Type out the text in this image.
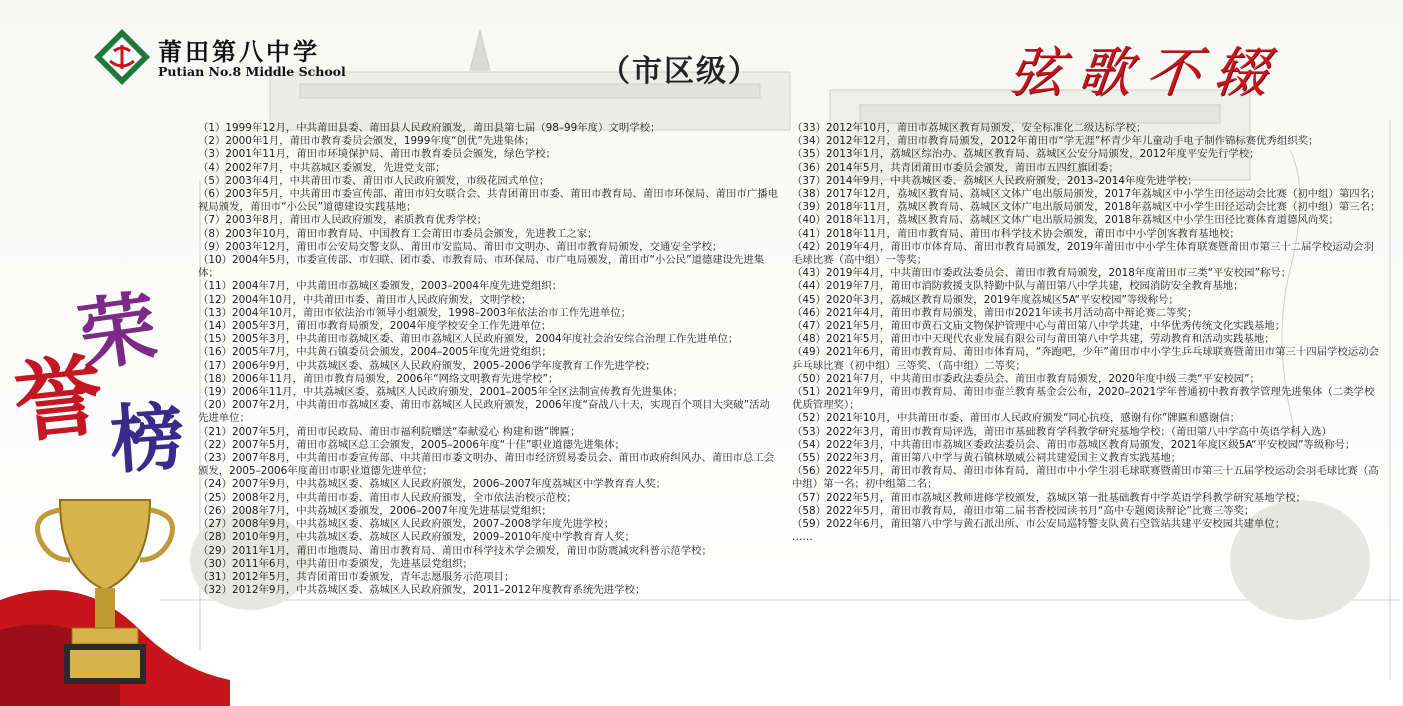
莆田第八中学
Putian No.8 Middle School	（市区级）	弦歌不辍
荣
誉 榜
（1）1999年12月，中共莆田县委、莆田县人民政府颁发，莆田县第七届（98–99年度）文明学校；
（2）2000年1月，莆田市教育委员会颁发，1999年度“创优”先进集体；
（3）2001年11月，莆田市环境保护局、莆田市教育委员会颁发，绿色学校；
（4）2002年7月，中共荔城区委颁发，先进党支部；
（5）2003年4月，中共莆田市委、莆田市人民政府颁发，市级花园式单位；
（6）2003年5月，中共莆田市委宣传部、莆田市妇女联合会、共青团莆田市委、莆田市教育局、莆田市环保局、莆田市广播电视局颁发，莆田市“小公民”道德建设实践基地；
（7）2003年8月，莆田市人民政府颁发，素质教育优秀学校；
（8）2003年10月，莆田市教育局、中国教育工会莆田市委员会颁发，先进教工之家；
（9）2003年12月，莆田市公安局交警支队、莆田市安监局、莆田市文明办、莆田市教育局颁发，交通安全学校；
（10）2004年5月，市委宣传部、市妇联、团市委、市教育局、市环保局、市广电局颁发，莆田市“小公民”道德建设先进集体；
（11）2004年7月，中共莆田市荔城区委颁发，2003–2004年度先进党组织；
（12）2004年10月，中共莆田市委、莆田市人民政府颁发，文明学校；
（13）2004年10月，莆田市依法治市领导小组颁发，1998–2003年依法治市工作先进单位；
（14）2005年3月，莆田市教育局颁发，2004年度学校安全工作先进单位；
（15）2005年3月，中共莆田市荔城区委、莆田市荔城区人民政府颁发，2004年度社会治安综合治理工作先进单位；
（16）2005年7月，中共黄石镇委员会颁发，2004–2005年度先进党组织；
（17）2006年9月，中共荔城区委、荔城区人民政府颁发，2005–2006学年度教育工作先进学校；
（18）2006年11月，莆田市教育局颁发，2006年“网络文明教育先进学校”；
（19）2006年11月，中共荔城区委、荔城区人民政府颁发，2001–2005年全区法制宣传教育先进集体；
（20）2007年2月，中共莆田市荔城区委、莆田市荔城区人民政府颁发，2006年度“奋战八十天，实现百个项目大突破”活动先进单位；
（21）2007年5月，莆田市民政局、莆田市福利院赠送“奉献爱心 构建和谐”牌匾；
（22）2007年5月，莆田市荔城区总工会颁发，2005–2006年度“十佳”职业道德先进集体；
（23）2007年8月，中共莆田市委宣传部、中共莆田市委文明办、莆田市经济贸易委员会、莆田市政府纠风办、莆田市总工会颁发，2005–2006年度莆田市职业道德先进单位；
（24）2007年9月，中共荔城区委、荔城区人民政府颁发，2006–2007年度荔城区中学教育育人奖；
（25）2008年2月，中共莆田市委、莆田市人民政府颁发，全市依法治校示范校；
（26）2008年7月，中共荔城区委颁发，2006–2007年度先进基层党组织；
（27）2008年9月，中共荔城区委、荔城区人民政府颁发，2007–2008学年度先进学校；
（28）2010年9月，中共荔城区委、荔城区人民政府颁发，2009–2010年度中学教育育人奖；
（29）2011年1月，莆田市地震局、莆田市教育局、莆田市科学技术学会颁发，莆田市防震减灾科普示范学校；
（30）2011年6月，中共莆田市委颁发，先进基层党组织；
（31）2012年5月，共青团莆田市委颁发，青年志愿服务示范项目；
（32）2012年9月，中共荔城区委、荔城区人民政府颁发，2011–2012年度教育系统先进学校；
（33）2012年10月，莆田市荔城区教育局颁发，安全标准化二级达标学校；
（34）2012年12月，莆田市教育局颁发，2012年莆田市“学无涯”杯青少年儿童动手电子制作锦标赛优秀组织奖；
（35）2013年1月，荔城区综治办、荔城区教育局、荔城区公安分局颁发，2012年度平安先行学校；
（36）2014年5月，共青团莆田市委员会颁发，莆田市五四红旗团委；
（37）2014年9月，中共荔城区委、荔城区人民政府颁发，2013–2014年度先进学校；
（38）2017年12月，荔城区教育局、荔城区文体广电出版局颁发，2017年荔城区中小学生田径运动会比赛（初中组）第四名；
（39）2018年11月，荔城区教育局、荔城区文体广电出版局颁发，2018年荔城区中小学生田径运动会比赛（初中组）第三名；
（40）2018年11月，荔城区教育局、荔城区文体广电出版局颁发，2018年荔城区中小学生田径比赛体育道德风尚奖；
（41）2018年11月，莆田市教育局、莆田市科学技术协会颁发，莆田市中小学创客教育基地校；
（42）2019年4月，莆田市市体育局、莆田市教育局颁发，2019年莆田市中小学生体育联赛暨莆田市第三十二届学校运动会羽毛球比赛（高中组）一等奖；
（43）2019年4月，中共莆田市委政法委员会、莆田市教育局颁发，2018年度莆田市三类“平安校园”称号；
（44）2019年7月，莆田市消防救援支队特勤中队与莆田第八中学共建，校园消防安全教育基地；
（45）2020年3月，荔城区教育局颁发，2019年度荔城区5A“平安校园”等级称号；
（46）2021年4月，莆田市教育局颁发，莆田市2021年读书月活动高中辩论赛二等奖；
（47）2021年5月，莆田市黄石文庙文物保护管理中心与莆田第八中学共建，中华优秀传统文化实践基地；
（48）2021年5月，莆田市中天现代农业发展有限公司与莆田第八中学共建，劳动教育和活动实践基地；
（49）2021年6月，莆田市教育局、莆田市体育局，“奔跑吧，少年”莆田市中小学生乒乓球联赛暨莆田市第三十四届学校运动会乒乓球比赛（初中组）三等奖、（高中组）二等奖；
（50）2021年7月，中共莆田市委政法委员会、莆田市教育局颁发，2020年度中级三类“平安校园”；
（51）2021年9月，莆田市教育局、莆田市壶兰教育基金会公布，2020–2021学年普通初中教育教学管理先进集体（二类学校优质管理奖）；
（52）2021年10月，中共莆田市委、莆田市人民政府颁发“同心抗疫，感谢有你”牌匾和感谢信；
（53）2022年3月，莆田市教育局评选，莆田市基础教育学科教学研究基地学校；（莆田第八中学高中英语学科入选）
（54）2022年3月，中共莆田市荔城区委政法委员会、莆田市荔城区教育局颁发，2021年度区级5A“平安校园”等级称号；
（55）2022年3月，莆田第八中学与黄石镇林墩威公祠共建爱国主义教育实践基地；
（56）2022年5月，莆田市教育局、莆田市体育局，莆田市中小学生羽毛球联赛暨莆田市第三十五届学校运动会羽毛球比赛（高中组）第一名；初中组第二名；
（57）2022年5月，莆田市荔城区教师进修学校颁发，荔城区第一批基础教育中学英语学科教学研究基地学校；
（58）2022年5月，莆田市教育局，莆田市第二届书香校园读书月“高中专题阅读辩论”比赛三等奖；
（59）2022年6月，莆田第八中学与黄石派出所、市公安局巡特警支队黄石空管站共建平安校园共建单位；
……
